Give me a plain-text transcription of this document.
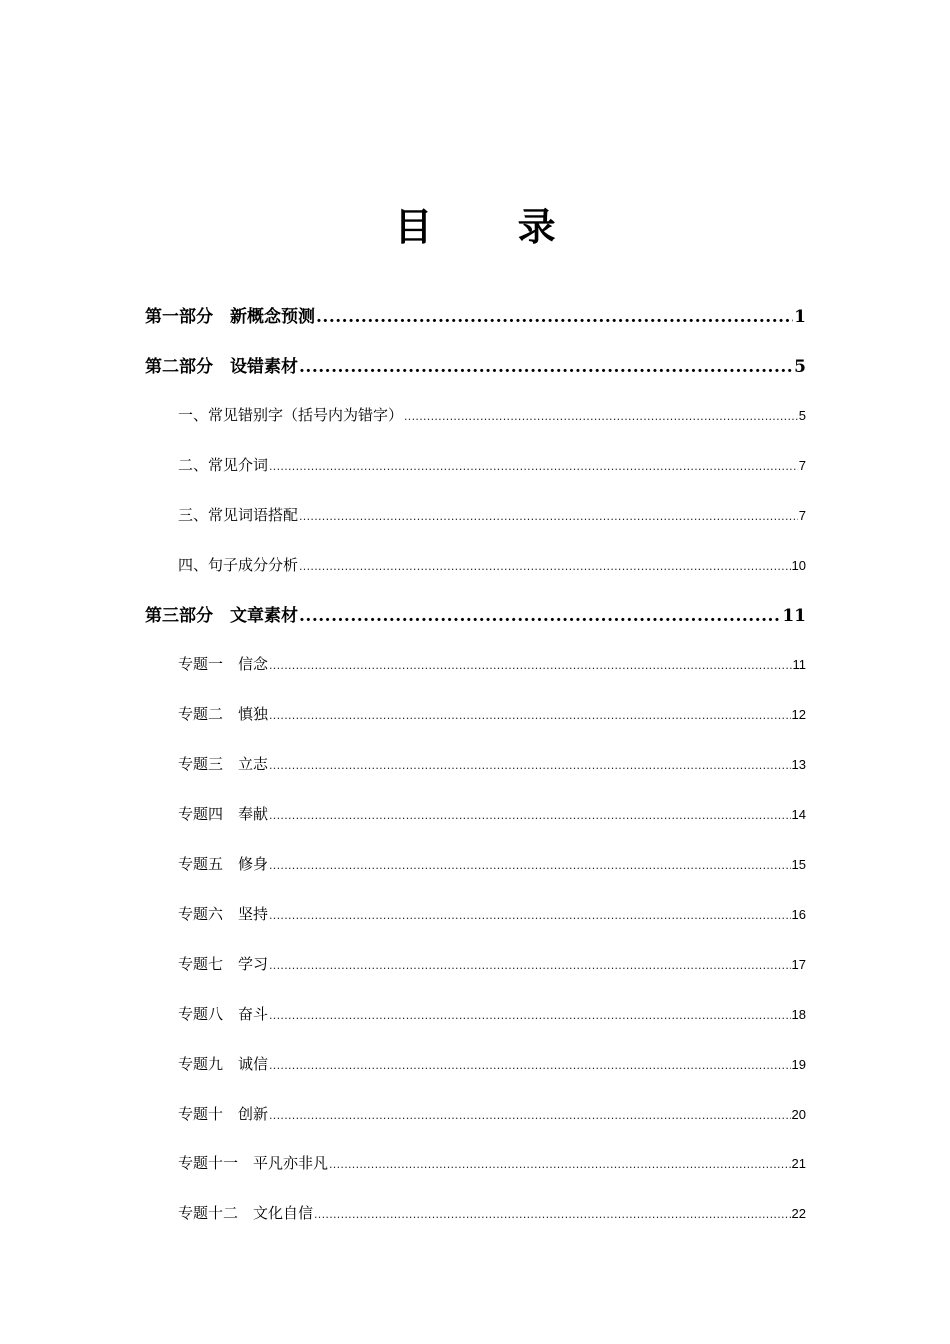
目 录
第一部分　新概念预测 .....	1
第二部分　设错素材 .....	5
一、常见错别字（括号内为错字） .....	5
二、常见介词 .....	7
三、常见词语搭配 .....	7
四、句子成分分析 .....	10
第三部分　文章素材 .....	11
专题一　信念 .....	11
专题二　慎独 .....	12
专题三　立志 .....	13
专题四　奉献 .....	14
专题五　修身 .....	15
专题六　坚持 .....	16
专题七　学习 .....	17
专题八　奋斗 .....	18
专题九　诚信 .....	19
专题十　创新 .....	20
专题十一　平凡亦非凡 .....	21
专题十二　文化自信 .....	22
